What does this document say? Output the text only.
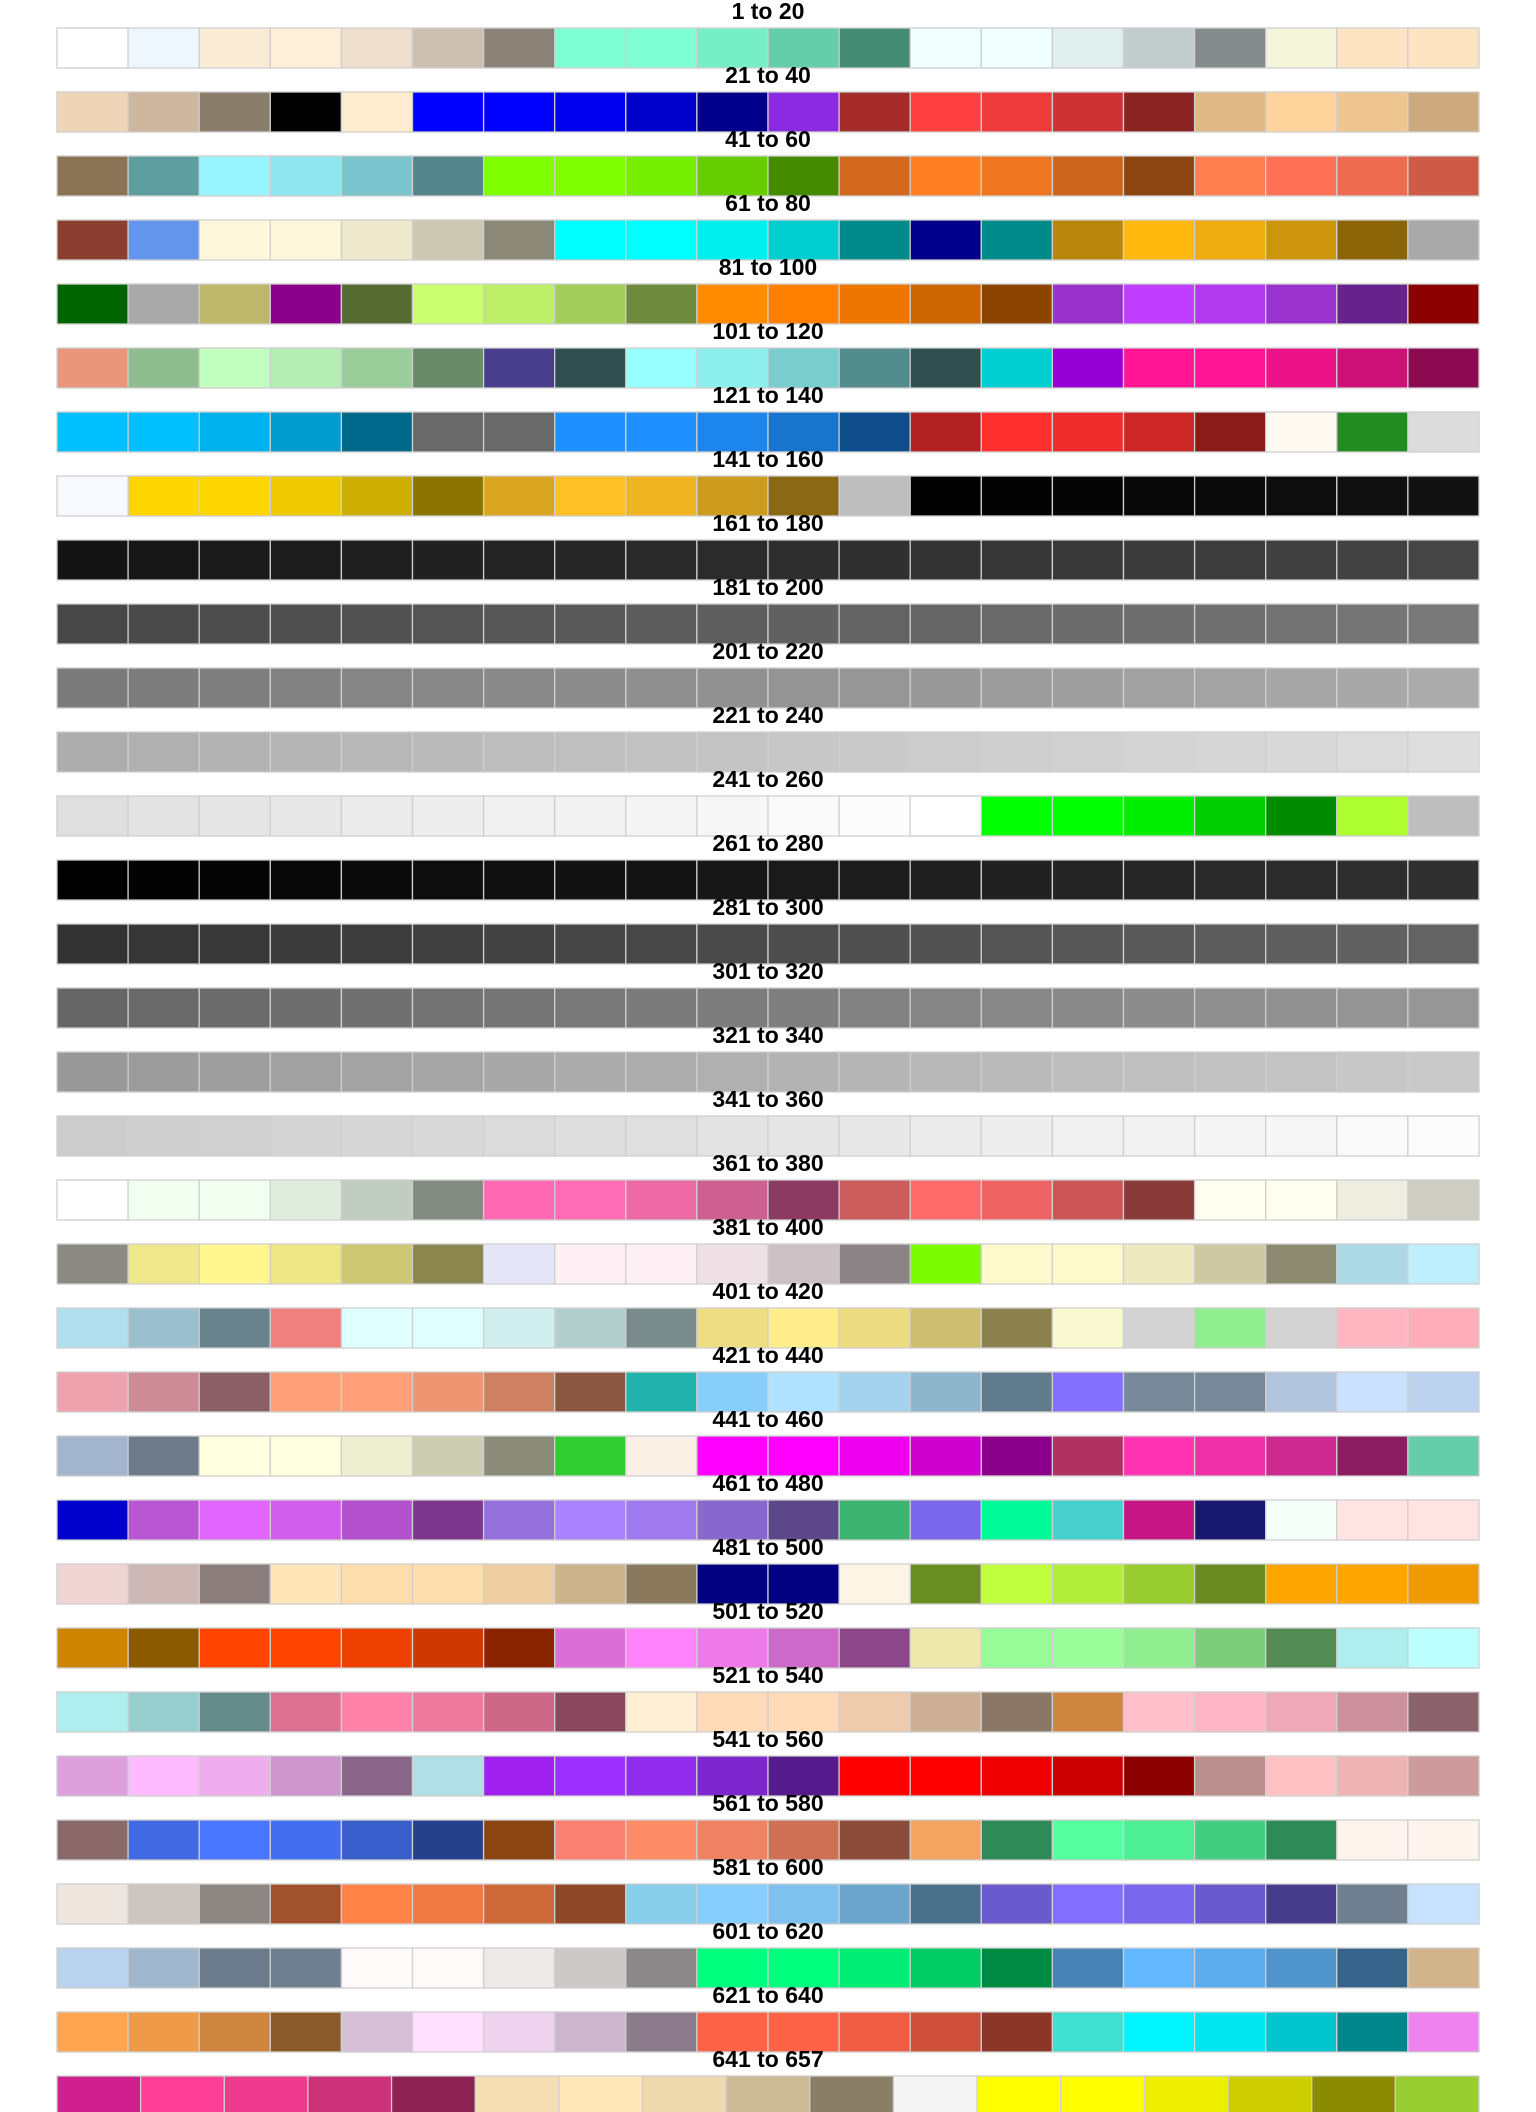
1 to 20
21 to 40
41 to 60
61 to 80
81 to 100
101 to 120
121 to 140
141 to 160
161 to 180
181 to 200
201 to 220
221 to 240
241 to 260
261 to 280
281 to 300
301 to 320
321 to 340
341 to 360
361 to 380
381 to 400
401 to 420
421 to 440
441 to 460
461 to 480
481 to 500
501 to 520
521 to 540
541 to 560
561 to 580
581 to 600
601 to 620
621 to 640
641 to 657
